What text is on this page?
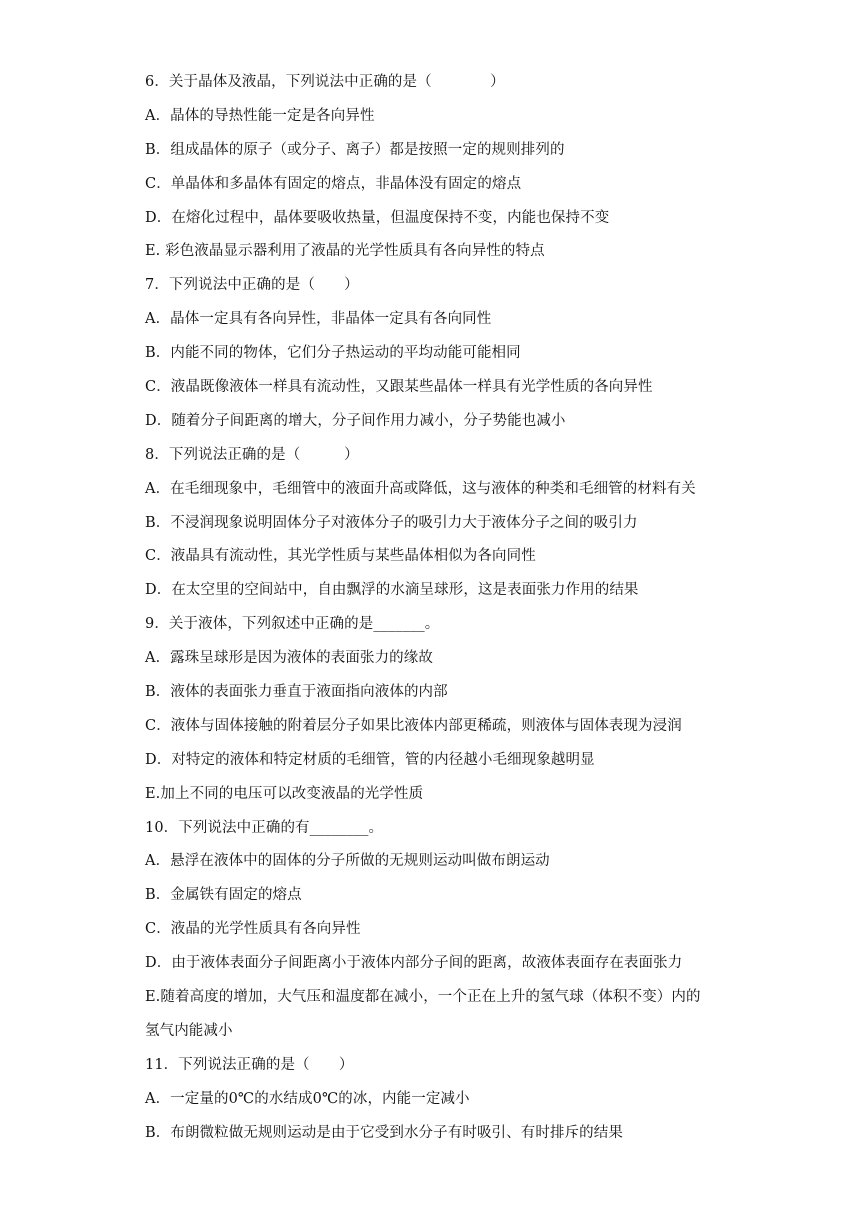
6．关于晶体及液晶，下列说法中正确的是（　　　　）
A．晶体的导热性能一定是各向异性
B．组成晶体的原子（或分子、离子）都是按照一定的规则排列的
C．单晶体和多晶体有固定的熔点，非晶体没有固定的熔点
D．在熔化过程中，晶体要吸收热量，但温度保持不变，内能也保持不变
E. 彩色液晶显示器利用了液晶的光学性质具有各向异性的特点
7．下列说法中正确的是（　　）
A．晶体一定具有各向异性，非晶体一定具有各向同性
B．内能不同的物体，它们分子热运动的平均动能可能相同
C．液晶既像液体一样具有流动性，又跟某些晶体一样具有光学性质的各向异性
D．随着分子间距离的增大，分子间作用力减小，分子势能也减小
8．下列说法正确的是（　　　）
A．在毛细现象中，毛细管中的液面升高或降低，这与液体的种类和毛细管的材料有关
B．不浸润现象说明固体分子对液体分子的吸引力大于液体分子之间的吸引力
C．液晶具有流动性，其光学性质与某些晶体相似为各向同性
D．在太空里的空间站中，自由飘浮的水滴呈球形，这是表面张力作用的结果
9．关于液体，下列叙述中正确的是_______。
A．露珠呈球形是因为液体的表面张力的缘故
B．液体的表面张力垂直于液面指向液体的内部
C．液体与固体接触的附着层分子如果比液体内部更稀疏，则液体与固体表现为浸润
D．对特定的液体和特定材质的毛细管，管的内径越小毛细现象越明显
E.加上不同的电压可以改变液晶的光学性质
10．下列说法中正确的有________。
A．悬浮在液体中的固体的分子所做的无规则运动叫做布朗运动
B．金属铁有固定的熔点
C．液晶的光学性质具有各向异性
D．由于液体表面分子间距离小于液体内部分子间的距离，故液体表面存在表面张力
E.随着高度的增加，大气压和温度都在减小，一个正在上升的氢气球（体积不变）内的
氢气内能减小
11．下列说法正确的是（　　）
A．一定量的0℃的水结成0℃的冰，内能一定减小
B．布朗微粒做无规则运动是由于它受到水分子有时吸引、有时排斥的结果
